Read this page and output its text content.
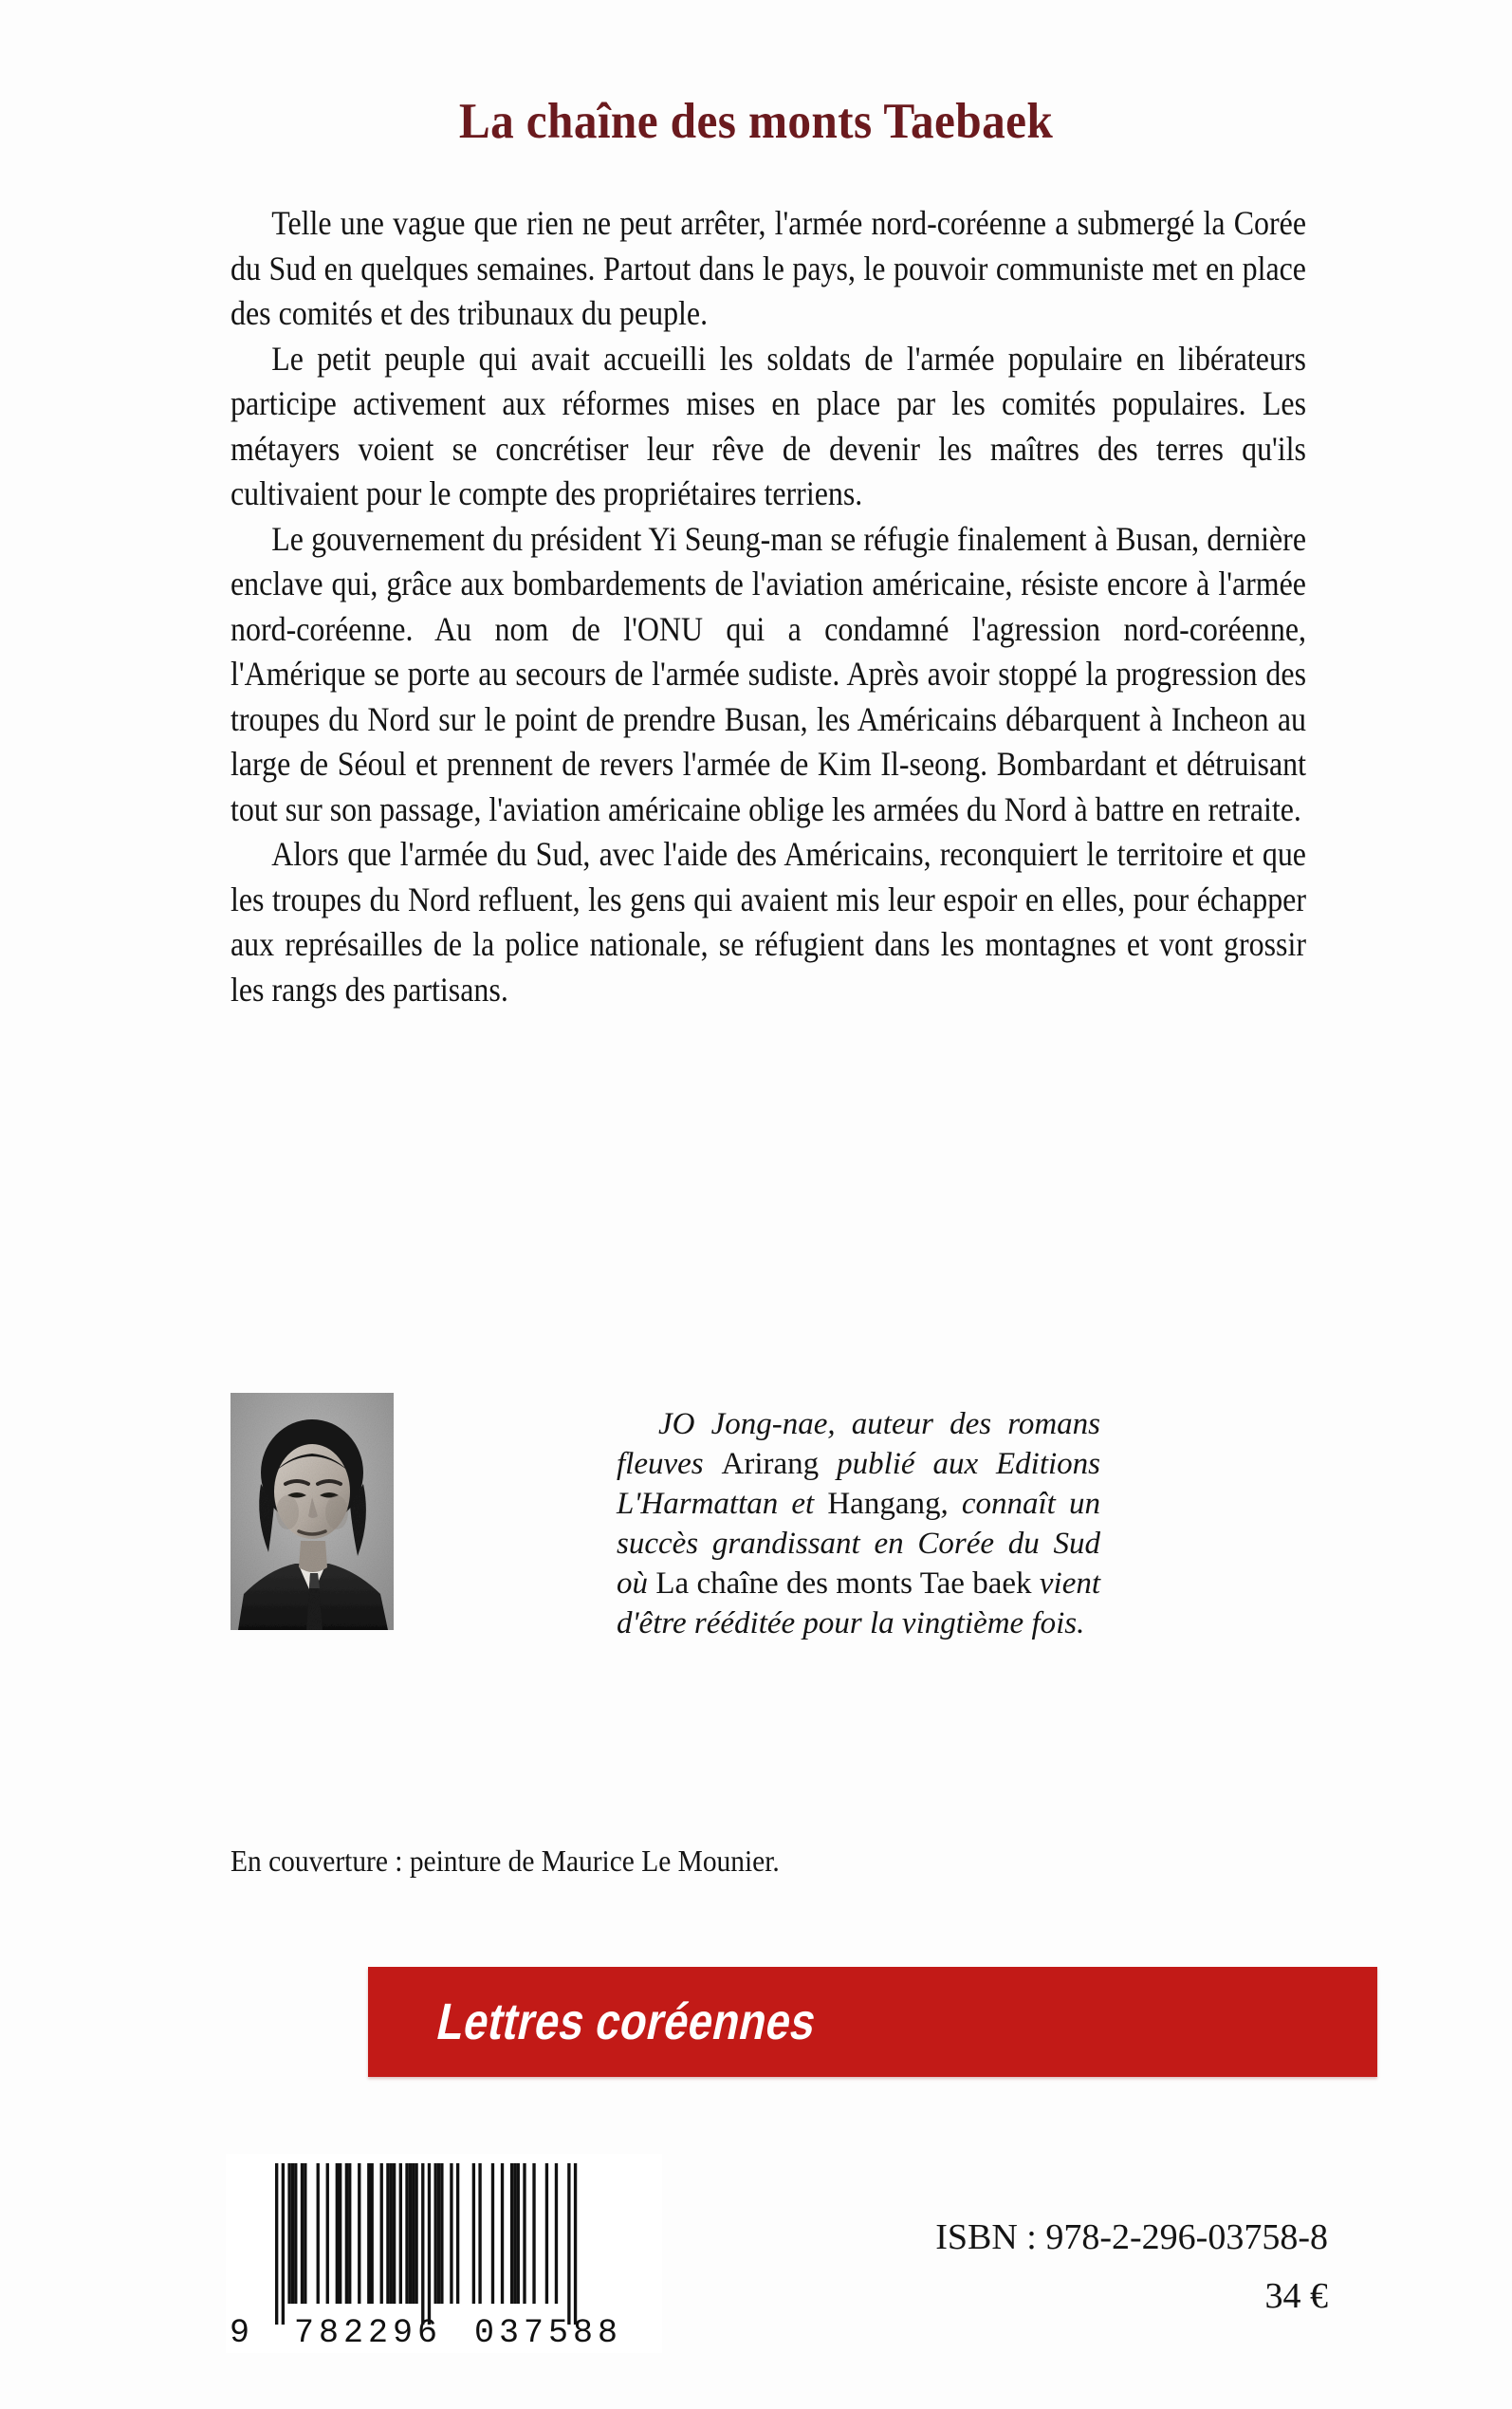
La chaîne des monts Taebaek

Telle une vague que rien ne peut arrêter, l'armée nord-coréenne a submergé la Corée du Sud en quelques semaines. Partout dans le pays, le pouvoir communiste met en place des comités et des tribunaux du peuple.

Le petit peuple qui avait accueilli les soldats de l'armée populaire en libérateurs participe activement aux réformes mises en place par les comités populaires. Les métayers voient se concrétiser leur rêve de devenir les maîtres des terres qu'ils cultivaient pour le compte des propriétaires terriens.

Le gouvernement du président Yi Seung-man se réfugie finalement à Busan, dernière enclave qui, grâce aux bombardements de l'aviation américaine, résiste encore à l'armée nord-coréenne. Au nom de l'ONU qui a condamné l'agression nord-coréenne, l'Amérique se porte au secours de l'armée sudiste. Après avoir stoppé la progression des troupes du Nord sur le point de prendre Busan, les Américains débarquent à Incheon au large de Séoul et prennent de revers l'armée de Kim Il-seong. Bombardant et détruisant tout sur son passage, l'aviation américaine oblige les armées du Nord à battre en retraite.

Alors que l'armée du Sud, avec l'aide des Américains, reconquiert le territoire et que les troupes du Nord refluent, les gens qui avaient mis leur espoir en elles, pour échapper aux représailles de la police nationale, se réfugient dans les montagnes et vont grossir les rangs des partisans.

JO Jong-nae, auteur des romans fleuves Arirang publié aux Editions L'Harmattan et Hangang, connaît un succès grandissant en Corée du Sud où La chaîne des monts Tae baek vient d'être rééditée pour la vingtième fois.

En couverture : peinture de Maurice Le Mounier.
Lettres coréennes
9 782296 037588
ISBN : 978-2-296-03758-8
34 €
